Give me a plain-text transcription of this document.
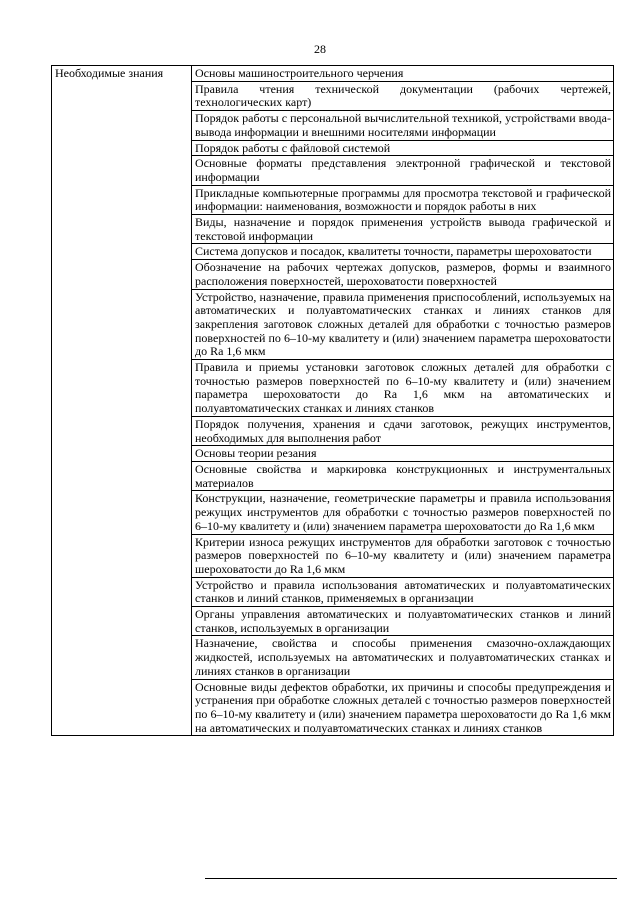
28
Необходимые знания	Основы машиностроительного черчения
Правила чтения технической документации (рабочих чертежей, технологических карт)
Порядок работы с персональной вычислительной техникой, устройствами ввода-вывода информации и внешними носителями информации
Порядок работы с файловой системой
Основные форматы представления электронной графической и текстовой информации
Прикладные компьютерные программы для просмотра текстовой и графической информации: наименования, возможности и порядок работы в них
Виды, назначение и порядок применения устройств вывода графической и текстовой информации
Система допусков и посадок, квалитеты точности, параметры шероховатости
Обозначение на рабочих чертежах допусков, размеров, формы и взаимного расположения поверхностей, шероховатости поверхностей
Устройство, назначение, правила применения приспособлений, используемых на автоматических и полуавтоматических станках и линиях станков для закрепления заготовок сложных деталей для обработки с точностью размеров поверхностей по 6–10-му квалитету и (или) значением параметра шероховатости до Ra 1,6 мкм
Правила и приемы установки заготовок сложных деталей для обработки с точностью размеров поверхностей по 6–10-му квалитету и (или) значением параметра шероховатости до Ra 1,6 мкм на автоматических и полуавтоматических станках и линиях станков
Порядок получения, хранения и сдачи заготовок, режущих инструментов, необходимых для выполнения работ
Основы теории резания
Основные свойства и маркировка конструкционных и инструментальных материалов
Конструкции, назначение, геометрические параметры и правила использования режущих инструментов для обработки с точностью размеров поверхностей по 6–10-му квалитету и (или) значением параметра шероховатости до Ra 1,6 мкм
Критерии износа режущих инструментов для обработки заготовок с точностью размеров поверхностей по 6–10-му квалитету и (или) значением параметра шероховатости до Ra 1,6 мкм
Устройство и правила использования автоматических и полуавтоматических станков и линий станков, применяемых в организации
Органы управления автоматических и полуавтоматических станков и линий станков, используемых в организации
Назначение, свойства и способы применения смазочно-охлаждающих жидкостей, используемых на автоматических и полуавтоматических станках и линиях станков в организации
Основные виды дефектов обработки, их причины и способы предупреждения и устранения при обработке сложных деталей с точностью размеров поверхностей по 6–10-му квалитету и (или) значением параметра шероховатости до Ra 1,6 мкм на автоматических и полуавтоматических станках и линиях станков
